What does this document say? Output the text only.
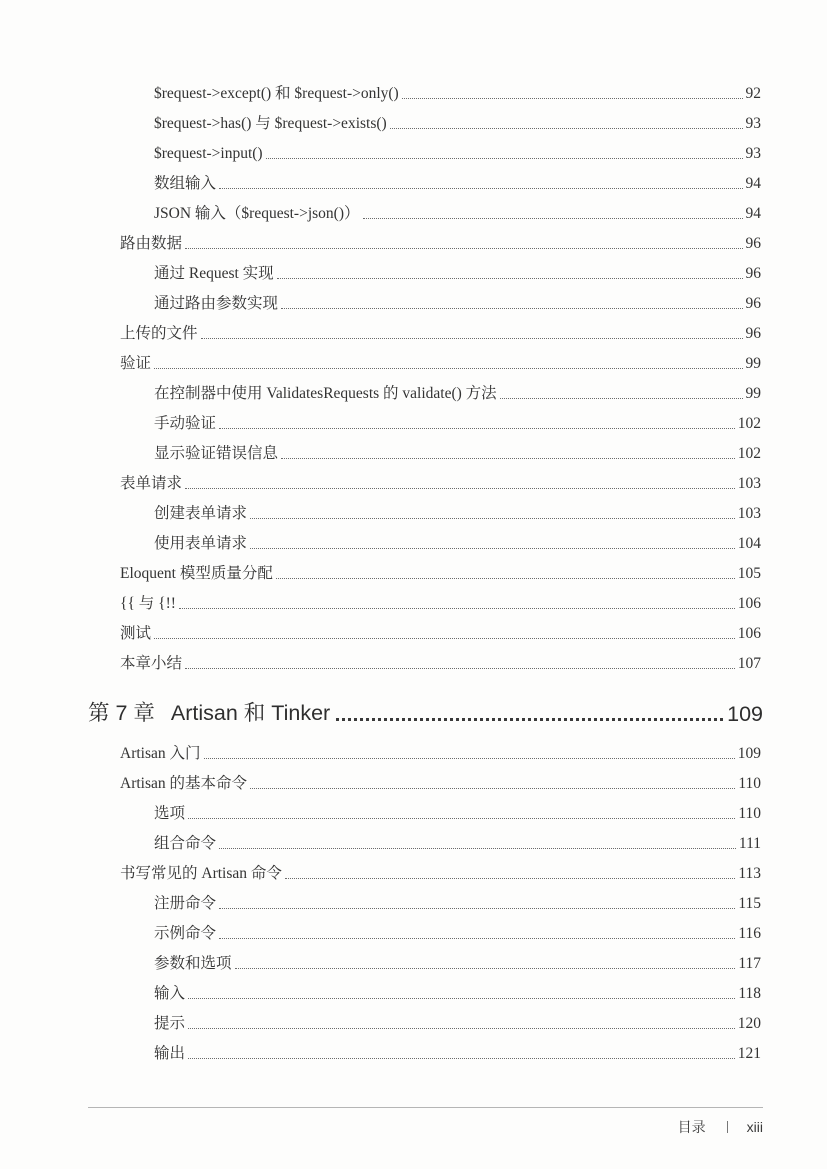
$request->except() 和 $request->only()	92
$request->has() 与 $request->exists()	93
$request->input()	93
数组输入	94
JSON 输入（$request->json()）	94
路由数据	96
通过 Request 实现	96
通过路由参数实现	96
上传的文件	96
验证	99
在控制器中使用 ValidatesRequests 的 validate() 方法	99
手动验证	102
显示验证错误信息	102
表单请求	103
创建表单请求	103
使用表单请求	104
Eloquent 模型质量分配	105
{{ 与 {!!	106
测试	106
本章小结	107
第 7 章 Artisan 和 Tinker	109
Artisan 入门	109
Artisan 的基本命令	110
选项	110
组合命令	111
书写常见的 Artisan 命令	113
注册命令	115
示例命令	116
参数和选项	117
输入	118
提示	120
输出	121
目录	xiii
